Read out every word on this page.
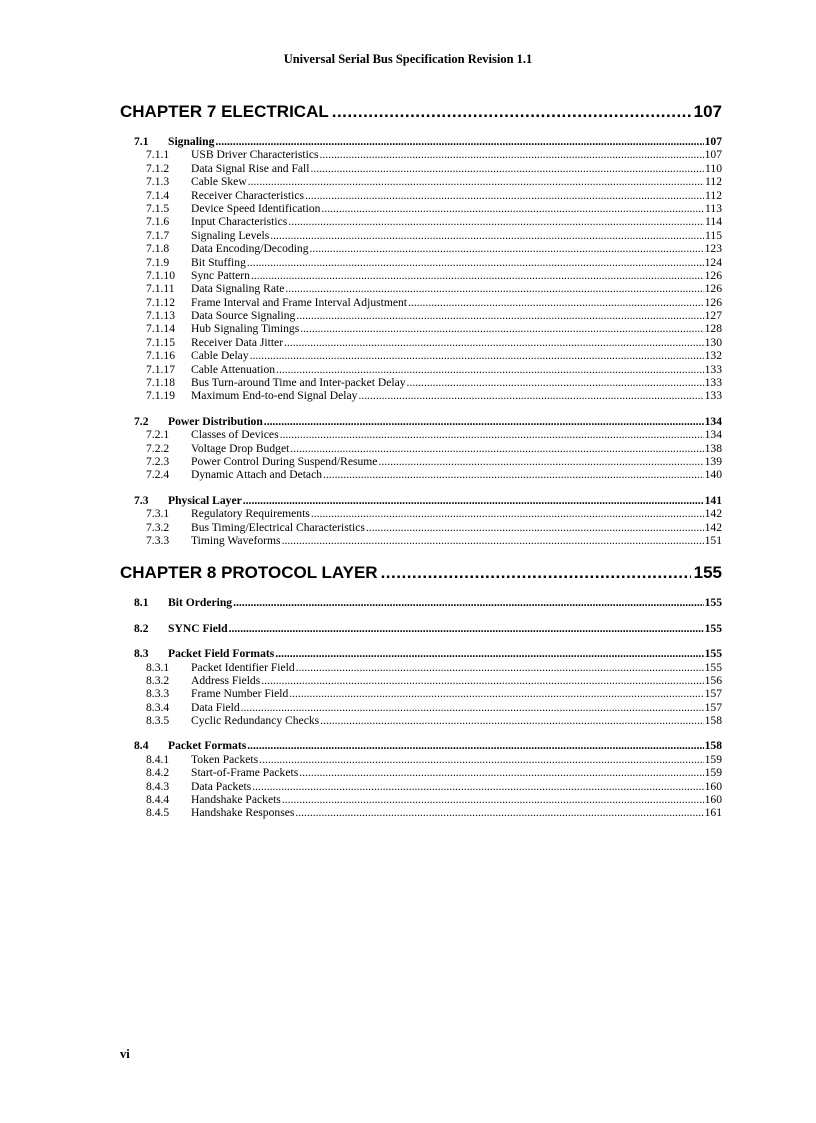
Universal Serial Bus Specification Revision 1.1
CHAPTER 7 ELECTRICAL .....	107
7.1	Signaling .....	107
7.1.1	USB Driver Characteristics .....	107
7.1.2	Data Signal Rise and Fall .....	110
7.1.3	Cable Skew .....	112
7.1.4	Receiver Characteristics .....	112
7.1.5	Device Speed Identification .....	113
7.1.6	Input Characteristics .....	114
7.1.7	Signaling Levels .....	115
7.1.8	Data Encoding/Decoding .....	123
7.1.9	Bit Stuffing .....	124
7.1.10	Sync Pattern .....	126
7.1.11	Data Signaling Rate .....	126
7.1.12	Frame Interval and Frame Interval Adjustment .....	126
7.1.13	Data Source Signaling .....	127
7.1.14	Hub Signaling Timings .....	128
7.1.15	Receiver Data Jitter .....	130
7.1.16	Cable Delay .....	132
7.1.17	Cable Attenuation .....	133
7.1.18	Bus Turn-around Time and Inter-packet Delay .....	133
7.1.19	Maximum End-to-end Signal Delay .....	133
7.2	Power Distribution .....	134
7.2.1	Classes of Devices .....	134
7.2.2	Voltage Drop Budget .....	138
7.2.3	Power Control During Suspend/Resume .....	139
7.2.4	Dynamic Attach and Detach .....	140
7.3	Physical Layer .....	141
7.3.1	Regulatory Requirements .....	142
7.3.2	Bus Timing/Electrical Characteristics .....	142
7.3.3	Timing Waveforms .....	151
CHAPTER 8 PROTOCOL LAYER .....	155
8.1	Bit Ordering .....	155
8.2	SYNC Field .....	155
8.3	Packet Field Formats .....	155
8.3.1	Packet Identifier Field .....	155
8.3.2	Address Fields .....	156
8.3.3	Frame Number Field .....	157
8.3.4	Data Field .....	157
8.3.5	Cyclic Redundancy Checks .....	158
8.4	Packet Formats .....	158
8.4.1	Token Packets .....	159
8.4.2	Start-of-Frame Packets .....	159
8.4.3	Data Packets .....	160
8.4.4	Handshake Packets .....	160
8.4.5	Handshake Responses .....	161
vi
